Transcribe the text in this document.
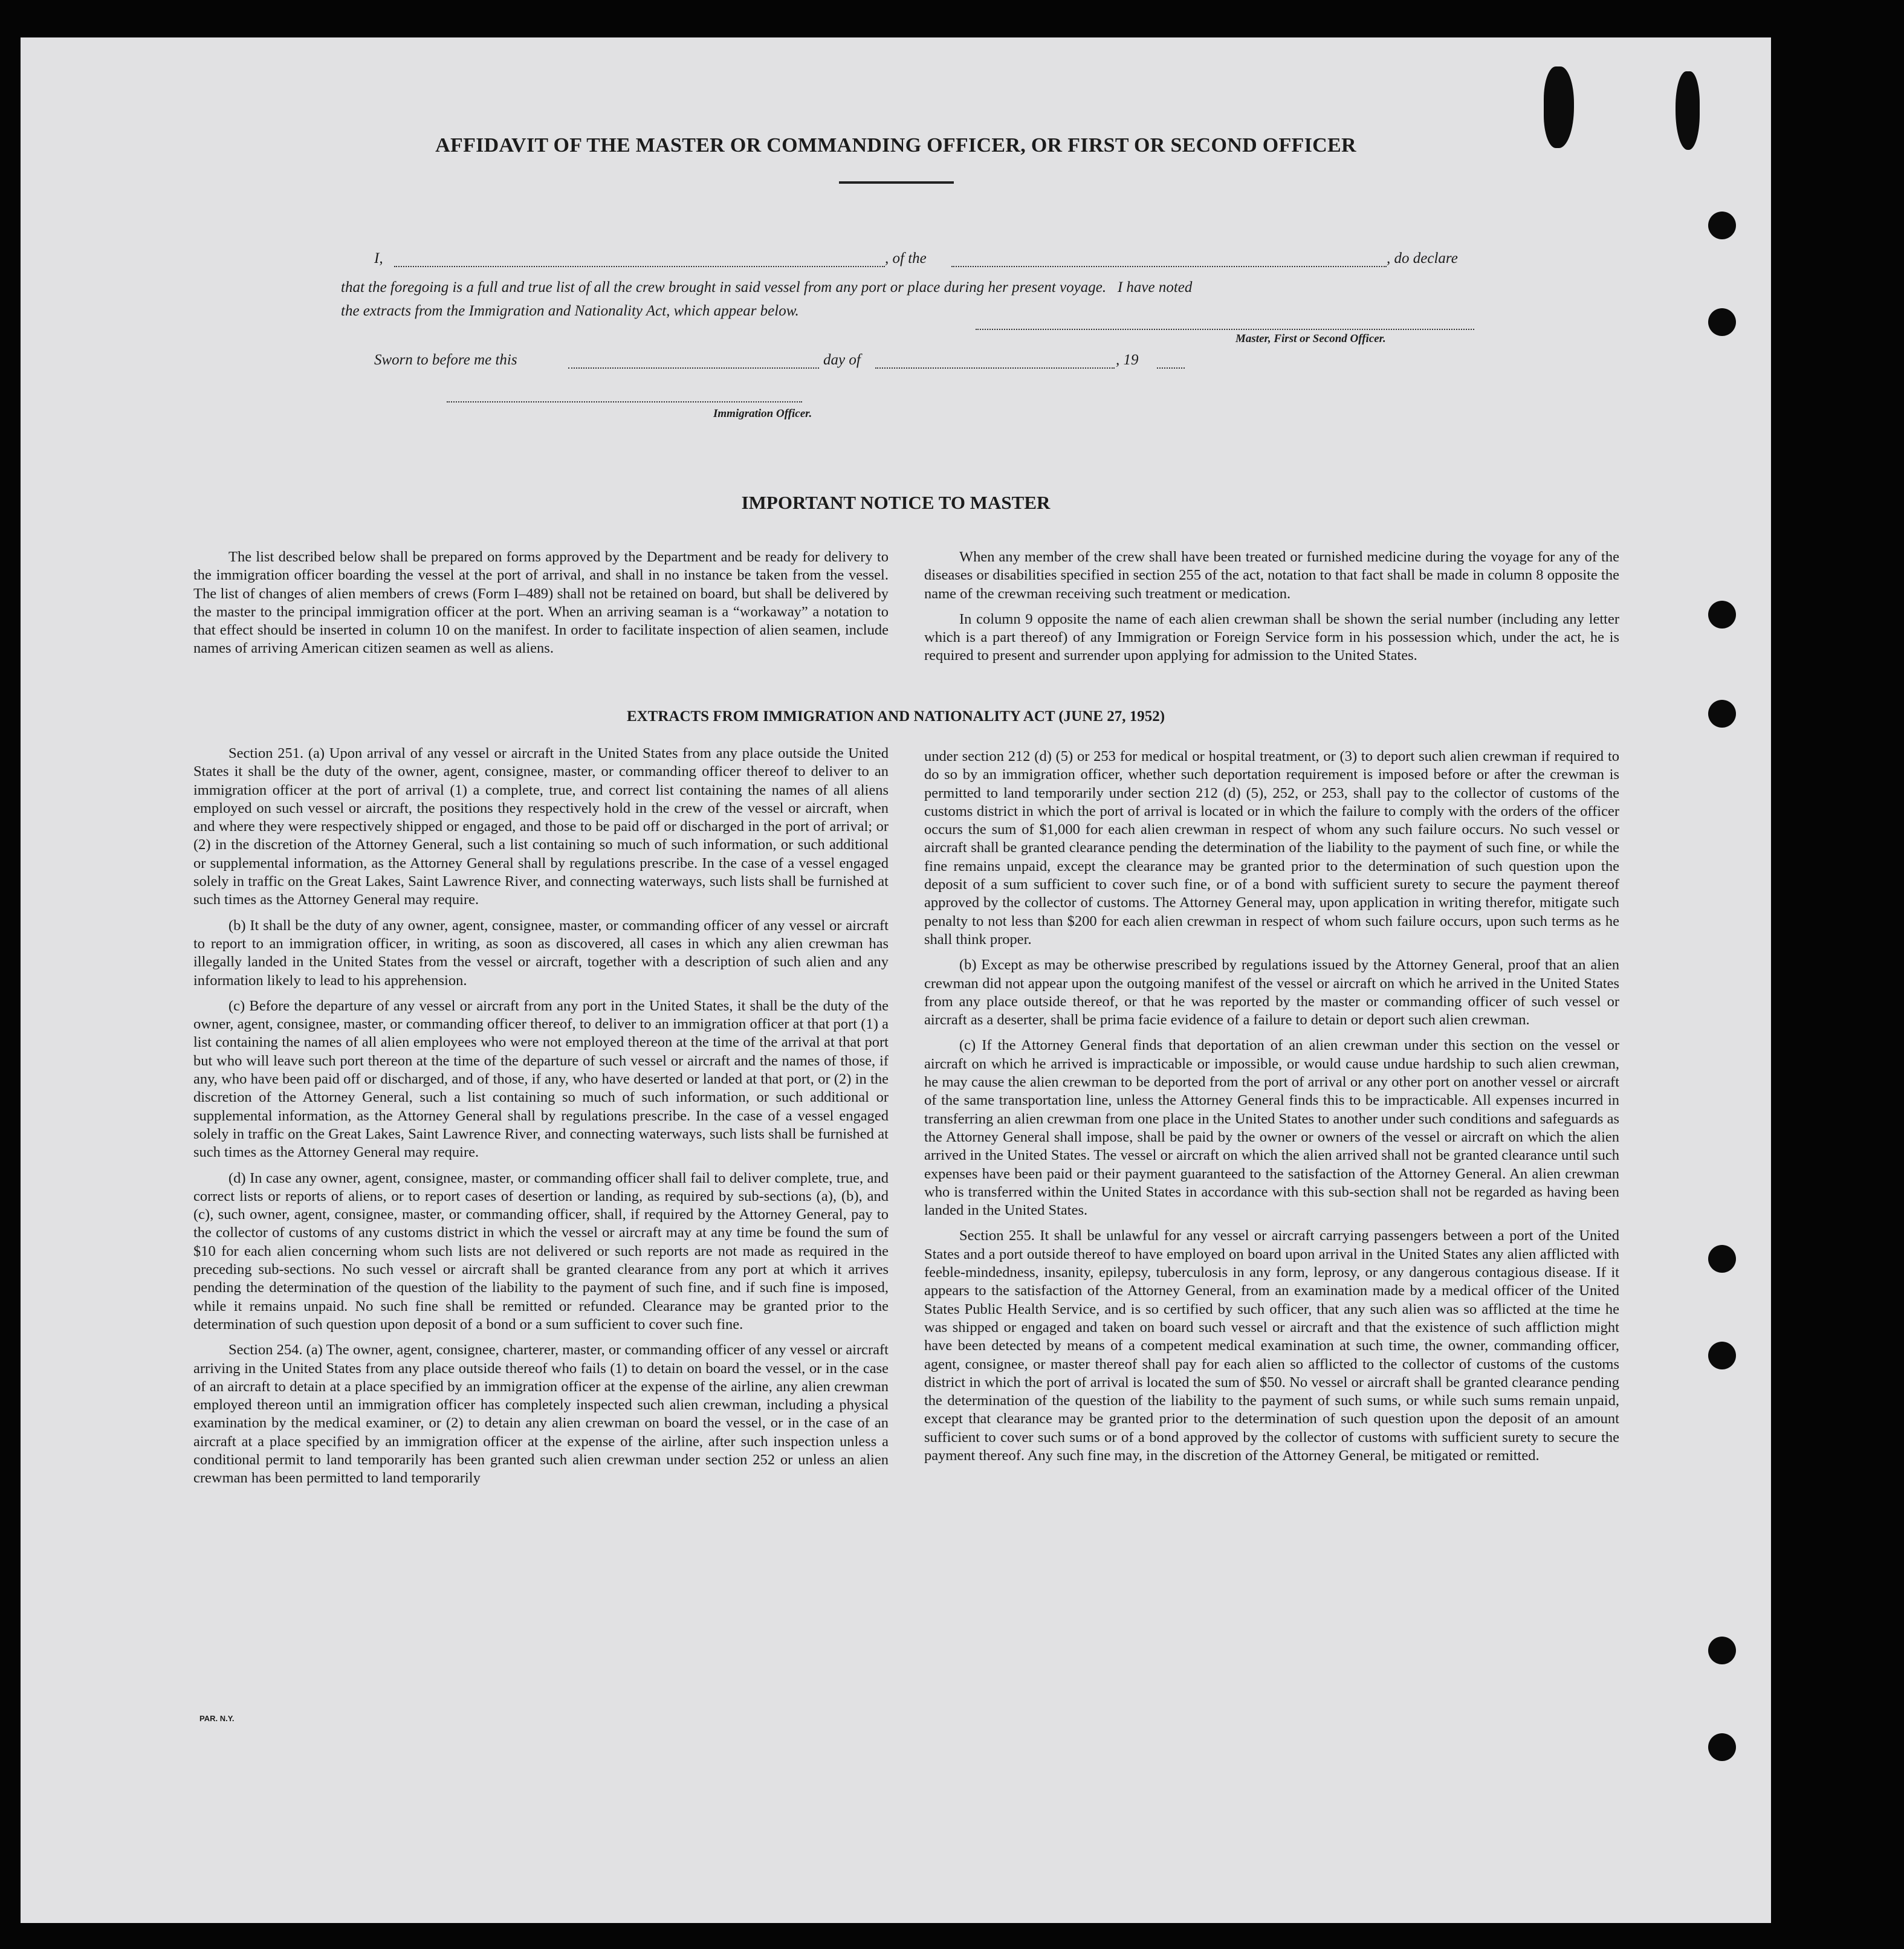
AFFIDAVIT OF THE MASTER OR COMMANDING OFFICER, OR FIRST OR SECOND OFFICER
I,	, of the	, do declare
that the foregoing is a full and true list of all the crew brought in said vessel from any port or place during her present voyage.   I have noted
the extracts from the Immigration and Nationality Act, which appear below.
Master, First or Second Officer.
Sworn to before me this	day of	, 19
Immigration Officer.
IMPORTANT NOTICE TO MASTER

The list described below shall be prepared on forms approved by the Department and be ready for delivery to the immigration officer boarding the vessel at the port of arrival, and shall in no instance be taken from the vessel. The list of changes of alien members of crews (Form I–489) shall not be retained on board, but shall be delivered by the master to the principal immigration officer at the port. When an arriving seaman is a “workaway” a notation to that effect should be inserted in column 10 on the manifest. In order to facilitate inspection of alien seamen, include names of arriving American citizen seamen as well as aliens.

When any member of the crew shall have been treated or furnished medicine during the voyage for any of the diseases or disabilities specified in section 255 of the act, notation to that fact shall be made in column 8 opposite the name of the crewman receiving such treatment or medication.

In column 9 opposite the name of each alien crewman shall be shown the serial number (including any letter which is a part thereof) of any Immigration or Foreign Service form in his possession which, under the act, he is required to present and surrender upon applying for admission to the United States.

EXTRACTS FROM IMMIGRATION AND NATIONALITY ACT (JUNE 27, 1952)

Section 251. (a) Upon arrival of any vessel or aircraft in the United States from any place outside the United States it shall be the duty of the owner, agent, consignee, master, or commanding officer thereof to deliver to an immigration officer at the port of arrival (1) a complete, true, and correct list containing the names of all aliens employed on such vessel or aircraft, the positions they respectively hold in the crew of the vessel or aircraft, when and where they were respectively shipped or engaged, and those to be paid off or discharged in the port of arrival; or (2) in the discretion of the Attorney General, such a list containing so much of such information, or such additional or supplemental information, as the Attorney General shall by regulations prescribe. In the case of a vessel engaged solely in traffic on the Great Lakes, Saint Lawrence River, and connecting waterways, such lists shall be furnished at such times as the Attorney General may require.

(b) It shall be the duty of any owner, agent, consignee, master, or commanding officer of any vessel or aircraft to report to an immigration officer, in writing, as soon as discovered, all cases in which any alien crewman has illegally landed in the United States from the vessel or aircraft, together with a description of such alien and any information likely to lead to his apprehension.

(c) Before the departure of any vessel or aircraft from any port in the United States, it shall be the duty of the owner, agent, consignee, master, or commanding officer thereof, to deliver to an immigration officer at that port (1) a list containing the names of all alien employees who were not employed thereon at the time of the arrival at that port but who will leave such port thereon at the time of the departure of such vessel or aircraft and the names of those, if any, who have been paid off or discharged, and of those, if any, who have deserted or landed at that port, or (2) in the discretion of the Attorney General, such a list containing so much of such information, or such additional or supplemental information, as the Attorney General shall by regulations prescribe. In the case of a vessel engaged solely in traffic on the Great Lakes, Saint Lawrence River, and connecting waterways, such lists shall be furnished at such times as the Attorney General may require.

(d) In case any owner, agent, consignee, master, or commanding officer shall fail to deliver complete, true, and correct lists or reports of aliens, or to report cases of desertion or landing, as required by sub-sections (a), (b), and (c), such owner, agent, consignee, master, or commanding officer, shall, if required by the Attorney General, pay to the collector of customs of any customs district in which the vessel or aircraft may at any time be found the sum of $10 for each alien concerning whom such lists are not delivered or such reports are not made as required in the preceding sub-sections. No such vessel or aircraft shall be granted clearance from any port at which it arrives pending the determination of the question of the liability to the payment of such fine, and if such fine is imposed, while it remains unpaid. No such fine shall be remitted or refunded. Clearance may be granted prior to the determination of such question upon deposit of a bond or a sum sufficient to cover such fine.

Section 254. (a) The owner, agent, consignee, charterer, master, or commanding officer of any vessel or aircraft arriving in the United States from any place outside thereof who fails (1) to detain on board the vessel, or in the case of an aircraft to detain at a place specified by an immigration officer at the expense of the airline, any alien crewman employed thereon until an immigration officer has completely inspected such alien crewman, including a physical examination by the medical examiner, or (2) to detain any alien crewman on board the vessel, or in the case of an aircraft at a place specified by an immigration officer at the expense of the airline, after such inspection unless a conditional permit to land temporarily has been granted such alien crewman under section 252 or unless an alien crewman has been permitted to land temporarily

under section 212 (d) (5) or 253 for medical or hospital treatment, or (3) to deport such alien crewman if required to do so by an immigration officer, whether such deportation requirement is imposed before or after the crewman is permitted to land temporarily under section 212 (d) (5), 252, or 253, shall pay to the collector of customs of the customs district in which the port of arrival is located or in which the failure to comply with the orders of the officer occurs the sum of $1,000 for each alien crewman in respect of whom any such failure occurs. No such vessel or aircraft shall be granted clearance pending the determination of the liability to the payment of such fine, or while the fine remains unpaid, except the clearance may be granted prior to the determination of such question upon the deposit of a sum sufficient to cover such fine, or of a bond with sufficient surety to secure the payment thereof approved by the collector of customs. The Attorney General may, upon application in writing therefor, mitigate such penalty to not less than $200 for each alien crewman in respect of whom such failure occurs, upon such terms as he shall think proper.

(b) Except as may be otherwise prescribed by regulations issued by the Attorney General, proof that an alien crewman did not appear upon the outgoing manifest of the vessel or aircraft on which he arrived in the United States from any place outside thereof, or that he was reported by the master or commanding officer of such vessel or aircraft as a deserter, shall be prima facie evidence of a failure to detain or deport such alien crewman.

(c) If the Attorney General finds that deportation of an alien crewman under this section on the vessel or aircraft on which he arrived is impracticable or impossible, or would cause undue hardship to such alien crewman, he may cause the alien crewman to be deported from the port of arrival or any other port on another vessel or aircraft of the same transportation line, unless the Attorney General finds this to be impracticable. All expenses incurred in transferring an alien crewman from one place in the United States to another under such conditions and safeguards as the Attorney General shall impose, shall be paid by the owner or owners of the vessel or aircraft on which the alien arrived in the United States. The vessel or aircraft on which the alien arrived shall not be granted clearance until such expenses have been paid or their payment guaranteed to the satisfaction of the Attorney General. An alien crewman who is transferred within the United States in accordance with this sub-section shall not be regarded as having been landed in the United States.

Section 255. It shall be unlawful for any vessel or aircraft carrying passengers between a port of the United States and a port outside thereof to have employed on board upon arrival in the United States any alien afflicted with feeble-mindedness, insanity, epilepsy, tuberculosis in any form, leprosy, or any dangerous contagious disease. If it appears to the satisfaction of the Attorney General, from an examination made by a medical officer of the United States Public Health Service, and is so certified by such officer, that any such alien was so afflicted at the time he was shipped or engaged and taken on board such vessel or aircraft and that the existence of such affliction might have been detected by means of a competent medical examination at such time, the owner, commanding officer, agent, consignee, or master thereof shall pay for each alien so afflicted to the collector of customs of the customs district in which the port of arrival is located the sum of $50. No vessel or aircraft shall be granted clearance pending the determination of the question of the liability to the payment of such sums, or while such sums remain unpaid, except that clearance may be granted prior to the determination of such question upon the deposit of an amount sufficient to cover such sums or of a bond approved by the collector of customs with sufficient surety to secure the payment thereof. Any such fine may, in the discretion of the Attorney General, be mitigated or remitted.

PAR. N.Y.
